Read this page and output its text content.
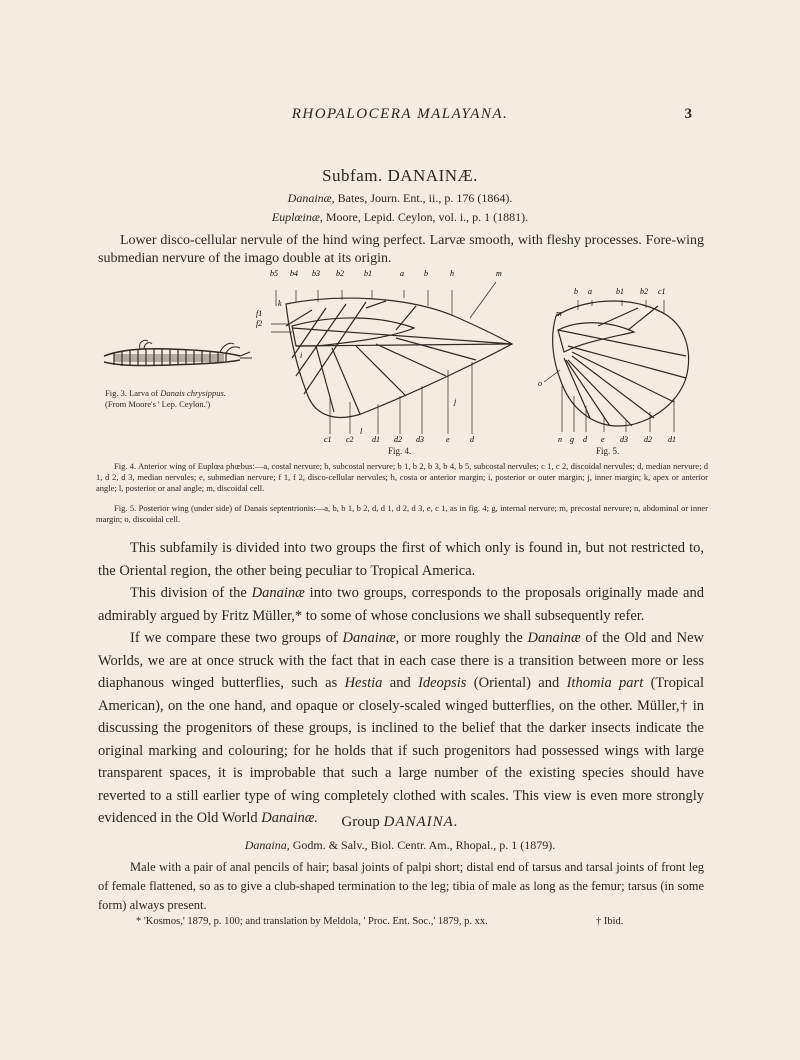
RHOPALOCERA MALAYANA.	3
Subfam. DANAINÆ.
Danainæ, Bates, Journ. Ent., ii., p. 176 (1864).
Euplœinæ, Moore, Lepid. Ceylon, vol. i., p. 1 (1881).
Lower disco-cellular nervule of the hind wing perfect. Larvæ smooth, with fleshy processes. Fore-wing submedian nervure of the imago double at its origin.
Fig. 3. Larva of Danais chrysippus.
(From Moore's ' Lep. Ceylon.')
b5 b4 b3 b2	b1	a	b	h	m
k
f1
f2
i
j
l
c1 c2 d1 d2 d3	e	d
Fig. 4.
b a	b1 b2 c1
m
o
n g d e d3 d2 d1
Fig. 5.
Fig. 4. Anterior wing of Euplœa phœbus:—a, costal nervure; b, subcostal nervure; b 1, b 2, b 3, b 4, b 5, subcostal nervules; c 1, c 2, discoidal nervules; d, median nervure; d 1, d 2, d 3, median nervules; e, submedian nervure; f 1, f 2, disco-cellular nervules; h, costa or anterior margin; i, posterior or outer margin; j, inner margin; k, apex or anterior angle; l, posterior or anal angle; m, discoidal cell.
Fig. 5. Posterior wing (under side) of Danais septentrionis:—a, b, b 1, b 2, d, d 1, d 2, d 3, e, c 1, as in fig. 4; g, internal nervure; m, precostal nervure; n, abdominal or inner margin; o, discoidal cell.
This subfamily is divided into two groups the first of which only is found in, but not restricted to, the Oriental region, the other being peculiar to Tropical America.
This division of the Danainæ into two groups, corresponds to the proposals originally made and admirably argued by Fritz Müller,* to some of whose conclusions we shall subsequently refer.
If we compare these two groups of Danainæ, or more roughly the Danainæ of the Old and New Worlds, we are at once struck with the fact that in each case there is a transition between more or less diaphanous winged butterflies, such as Hestia and Ideopsis (Oriental) and Ithomia part (Tropical American), on the one hand, and opaque or closely-scaled winged butterflies, on the other. Müller,† in discussing the progenitors of these groups, is inclined to the belief that the darker insects indicate the original marking and colouring; for he holds that if such progenitors had possessed wings with large transparent spaces, it is improbable that such a large number of the existing species should have reverted to a still earlier type of wing completely clothed with scales. This view is even more strongly evidenced in the Old World Danainæ.	Group DANAINA.
Danaina, Godm. & Salv., Biol. Centr. Am., Rhopal., p. 1 (1879).
Male with a pair of anal pencils of hair; basal joints of palpi short; distal end of tarsus and tarsal joints of front leg of female flattened, so as to give a club-shaped termination to the leg; tibia of male as long as the femur; tarsus (in some form) always present.
* 'Kosmos,' 1879, p. 100; and translation by Meldola, ' Proc. Ent. Soc.,' 1879, p. xx.	† Ibid.
